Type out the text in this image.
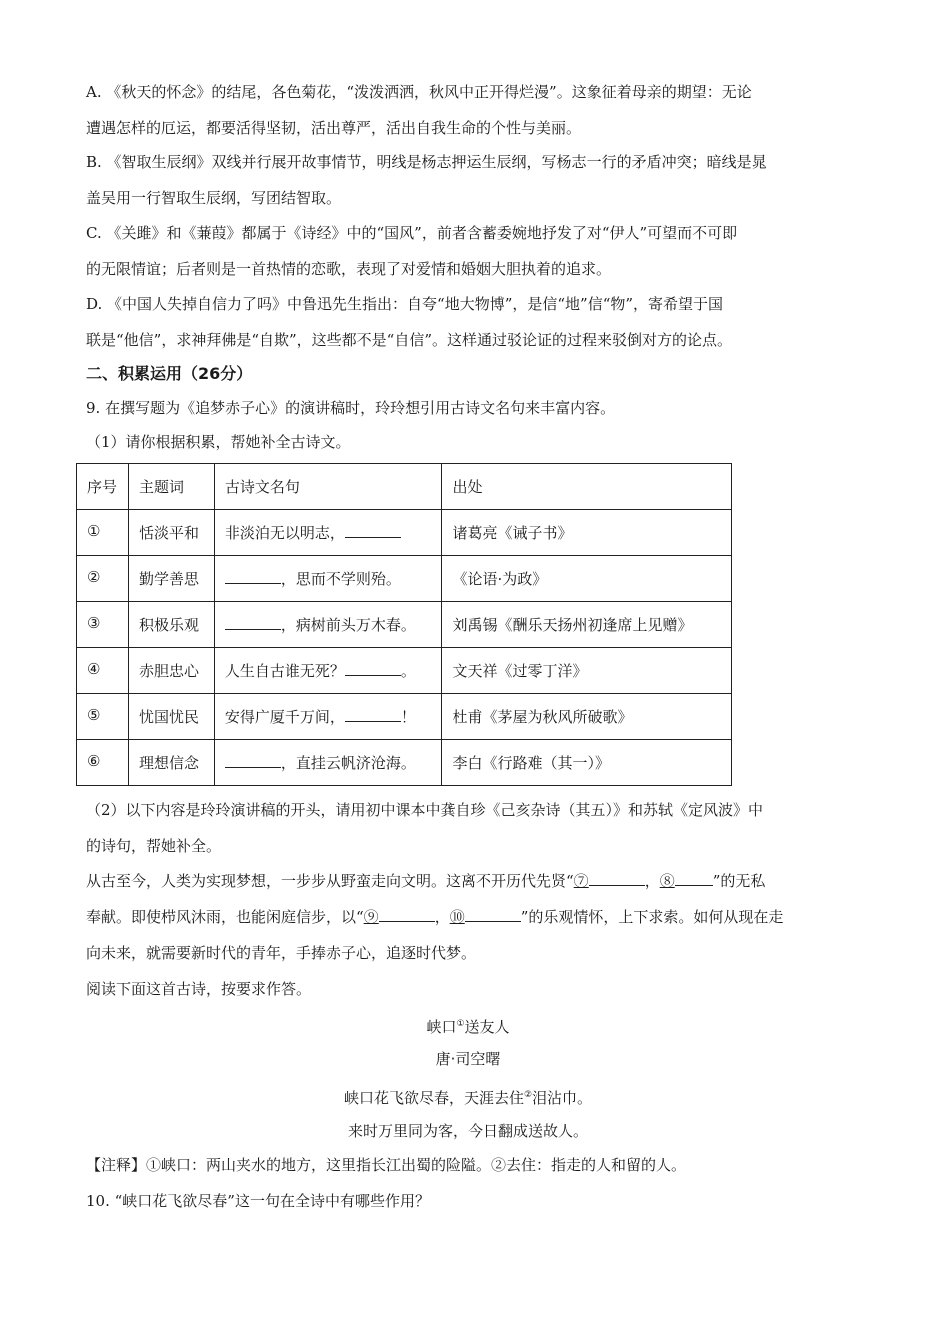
A. 《秋天的怀念》的结尾，各色菊花，“泼泼洒洒，秋风中正开得烂漫”。这象征着母亲的期望：无论
遭遇怎样的厄运，都要活得坚韧，活出尊严，活出自我生命的个性与美丽。
B. 《智取生辰纲》双线并行展开故事情节，明线是杨志押运生辰纲，写杨志一行的矛盾冲突；暗线是晁
盖吴用一行智取生辰纲，写团结智取。
C. 《关雎》和《蒹葭》都属于《诗经》中的“国风”，前者含蓄委婉地抒发了对“伊人”可望而不可即
的无限情谊；后者则是一首热情的恋歌，表现了对爱情和婚姻大胆执着的追求。
D. 《中国人失掉自信力了吗》中鲁迅先生指出：自夸“地大物博”，是信“地”信“物”，寄希望于国
联是“他信”，求神拜佛是“自欺”，这些都不是“自信”。这样通过驳论证的过程来驳倒对方的论点。
二、积累运用（26分）
9. 在撰写题为《追梦赤子心》的演讲稿时，玲玲想引用古诗文名句来丰富内容。
（1）请你根据积累，帮她补全古诗文。
序号	主题词	古诗文名句	出处
①	恬淡平和	非淡泊无以明志，	诸葛亮《诫子书》
②	勤学善思	，思而不学则殆。	《论语·为政》
③	积极乐观	，病树前头万木春。	刘禹锡《酬乐天扬州初逢席上见赠》
④	赤胆忠心	人生自古谁无死？ 。	文天祥《过零丁洋》
⑤	忧国忧民	安得广厦千万间， ！	杜甫《茅屋为秋风所破歌》
⑥	理想信念	，直挂云帆济沧海。	李白《行路难（其一）》
（2）以下内容是玲玲演讲稿的开头，请用初中课本中龚自珍《己亥杂诗（其五）》和苏轼《定风波》中
的诗句，帮她补全。
从古至今，人类为实现梦想，一步步从野蛮走向文明。这离不开历代先贤“⑦	，⑧	”的无私
奉献。即使栉风沐雨，也能闲庭信步，以“⑨	，⑩	”的乐观情怀，上下求索。如何从现在走
向未来，就需要新时代的青年，手捧赤子心，追逐时代梦。
阅读下面这首古诗，按要求作答。
峡口①送友人
唐·司空曙
峡口花飞欲尽春，天涯去住②泪沾巾。
来时万里同为客，今日翻成送故人。
【注释】①峡口：两山夹水的地方，这里指长江出蜀的险隘。②去住：指走的人和留的人。
10. “峡口花飞欲尽春”这一句在全诗中有哪些作用？
